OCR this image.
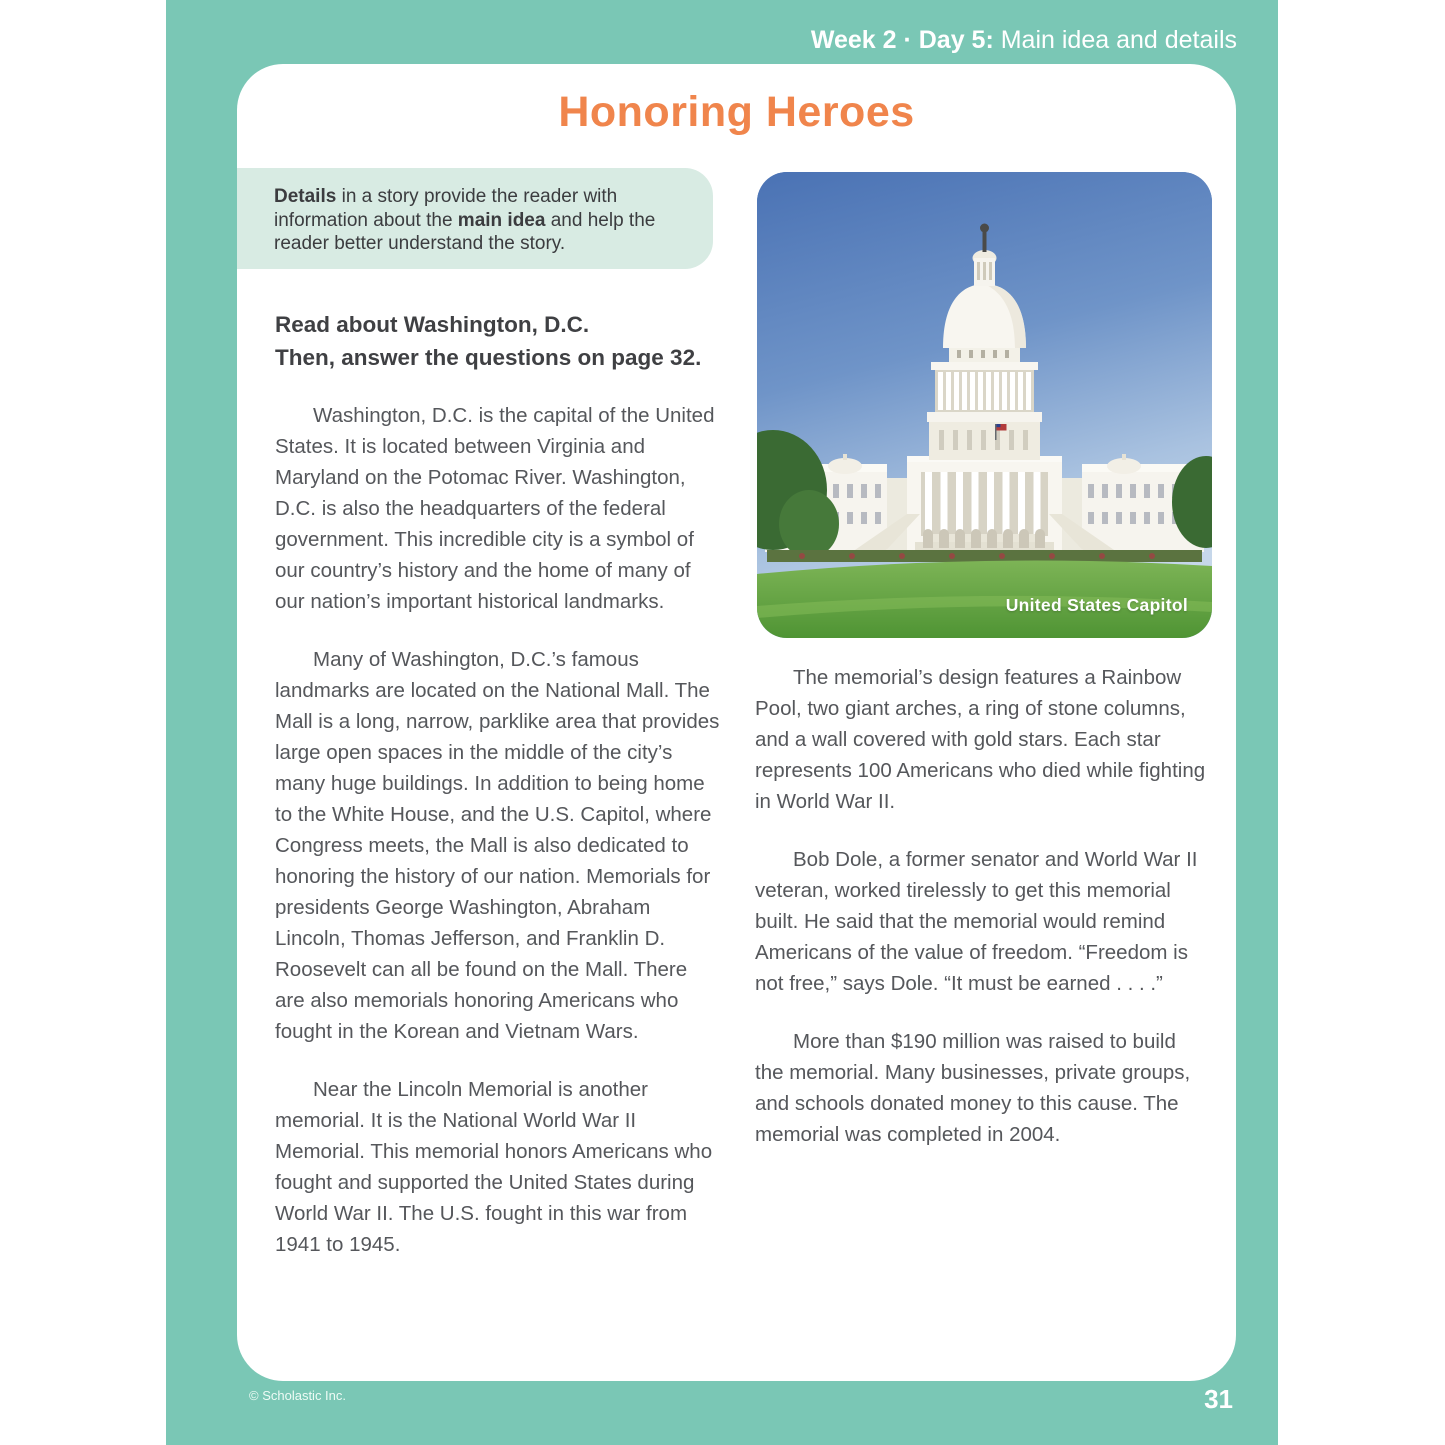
Week 2 · Day 5: Main idea and details
Honoring Heroes
Details in a story provide the reader with information about the main idea and help the reader better understand the story.
United States Capitol
Read about Washington, D.C.
Then, answer the questions on page 32.

Washington, D.C. is the capital of the United States. It is located between Virginia and Maryland on the Potomac River. Washington, D.C. is also the headquarters of the federal government. This incredible city is a symbol of our country’s history and the home of many of our nation’s important historical landmarks.

Many of Washington, D.C.’s famous landmarks are located on the National Mall. The Mall is a long, narrow, parklike area that provides large open spaces in the middle of the city’s many huge buildings. In addition to being home to the White House, and the U.S. Capitol, where Congress meets, the Mall is also dedicated to honoring the history of our nation. Memorials for presidents George Washington, Abraham Lincoln, Thomas Jefferson, and Franklin D. Roosevelt can all be found on the Mall. There are also memorials honoring Americans who fought in the Korean and Vietnam Wars.

Near the Lincoln Memorial is another memorial. It is the National World War II Memorial. This memorial honors Americans who fought and supported the United States during World War II. The U.S. fought in this war from 1941 to 1945.

The memorial’s design features a Rainbow Pool, two giant arches, a ring of stone columns, and a wall covered with gold stars. Each star represents 100 Americans who died while fighting in World War II.

Bob Dole, a former senator and World War II veteran, worked tirelessly to get this memorial built. He said that the memorial would remind Americans of the value of freedom. “Freedom is not free,” says Dole. “It must be earned . . . .”

More than $190 million was raised to build the memorial. Many businesses, private groups, and schools donated money to this cause. The memorial was completed in 2004.

© Scholastic Inc.	31
